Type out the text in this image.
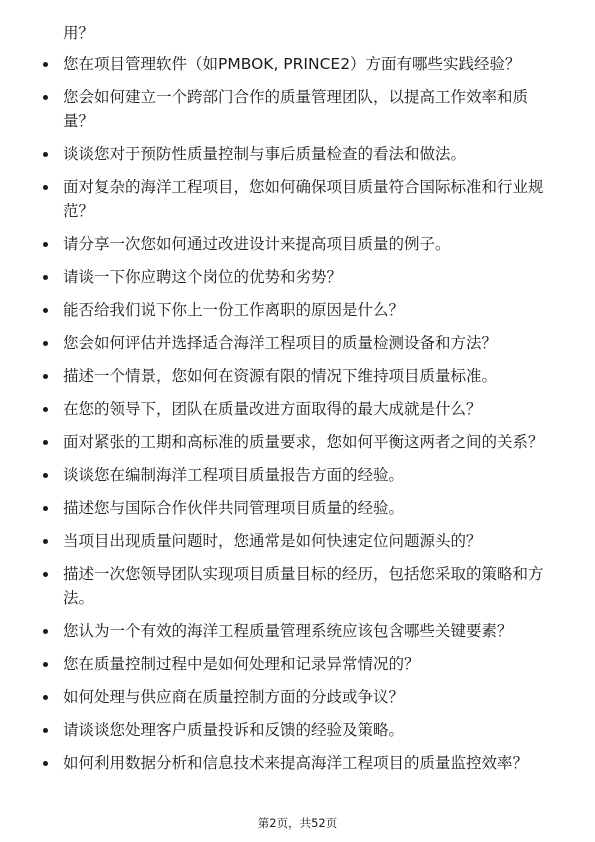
用？
您在项目管理软件（如PMBOK, PRINCE2）方面有哪些实践经验？
您会如何建立一个跨部门合作的质量管理团队，以提高工作效率和质量？
谈谈您对于预防性质量控制与事后质量检查的看法和做法。
面对复杂的海洋工程项目，您如何确保项目质量符合国际标准和行业规范？
请分享一次您如何通过改进设计来提高项目质量的例子。
请谈一下你应聘这个岗位的优势和劣势？
能否给我们说下你上一份工作离职的原因是什么？
您会如何评估并选择适合海洋工程项目的质量检测设备和方法？
描述一个情景，您如何在资源有限的情况下维持项目质量标准。
在您的领导下，团队在质量改进方面取得的最大成就是什么？
面对紧张的工期和高标准的质量要求，您如何平衡这两者之间的关系？
谈谈您在编制海洋工程项目质量报告方面的经验。
描述您与国际合作伙伴共同管理项目质量的经验。
当项目出现质量问题时，您通常是如何快速定位问题源头的？
描述一次您领导团队实现项目质量目标的经历，包括您采取的策略和方法。
您认为一个有效的海洋工程质量管理系统应该包含哪些关键要素？
您在质量控制过程中是如何处理和记录异常情况的？
如何处理与供应商在质量控制方面的分歧或争议？
请谈谈您处理客户质量投诉和反馈的经验及策略。
如何利用数据分析和信息技术来提高海洋工程项目的质量监控效率？
第2页，共52页
